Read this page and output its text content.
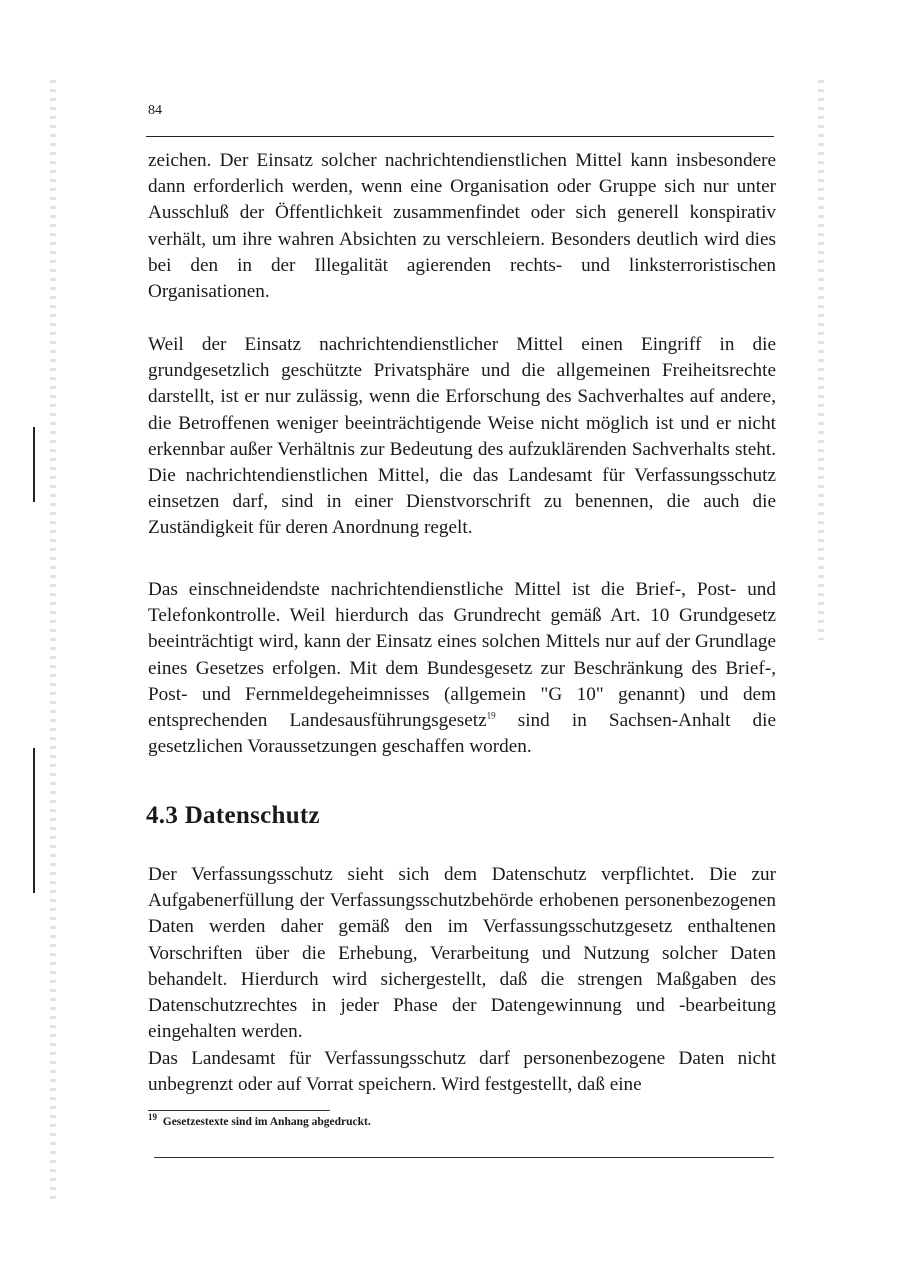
84

zeichen. Der Einsatz solcher nachrichtendienstlichen Mittel kann insbesondere dann erforderlich werden, wenn eine Organisation oder Gruppe sich nur unter Ausschluß der Öffentlichkeit zusammenfindet oder sich generell konspirativ verhält, um ihre wahren Absichten zu verschleiern. Besonders deutlich wird dies bei den in der Illegalität agierenden rechts- und linksterroristischen Organisationen.

Weil der Einsatz nachrichtendienstlicher Mittel einen Eingriff in die grundgesetzlich geschützte Privatsphäre und die allgemeinen Freiheitsrechte darstellt, ist er nur zulässig, wenn die Erforschung des Sachverhaltes auf andere, die Betroffenen weniger beeinträchtigende Weise nicht möglich ist und er nicht erkennbar außer Verhältnis zur Bedeutung des aufzuklärenden Sachverhalts steht. Die nachrichtendienstlichen Mittel, die das Landesamt für Verfassungsschutz einsetzen darf, sind in einer Dienstvorschrift zu benennen, die auch die Zuständigkeit für deren Anordnung regelt.

Das einschneidendste nachrichtendienstliche Mittel ist die Brief-, Post- und Telefonkontrolle. Weil hierdurch das Grundrecht gemäß Art. 10 Grundgesetz beeinträchtigt wird, kann der Einsatz eines solchen Mittels nur auf der Grundlage eines Gesetzes erfolgen. Mit dem Bundesgesetz zur Beschränkung des Brief-, Post- und Fernmeldegeheimnisses (allgemein "G 10" genannt) und dem entsprechenden Landesausführungsgesetz$^{19}$ sind in Sachsen-Anhalt die gesetzlichen Voraussetzungen geschaffen worden.

4.3 Datenschutz

Der Verfassungsschutz sieht sich dem Datenschutz verpflichtet. Die zur Aufgabenerfüllung der Verfassungsschutzbehörde erhobenen personenbezogenen Daten werden daher gemäß den im Verfassungsschutzgesetz enthaltenen Vorschriften über die Erhebung, Verarbeitung und Nutzung solcher Daten behandelt. Hierdurch wird sichergestellt, daß die strengen Maßgaben des Datenschutzrechtes in jeder Phase der Datengewinnung und -bearbeitung eingehalten werden.

Das Landesamt für Verfassungsschutz darf personenbezogene Daten nicht unbegrenzt oder auf Vorrat speichern. Wird festgestellt, daß eine

$^{19}$ Gesetzestexte sind im Anhang abgedruckt.
